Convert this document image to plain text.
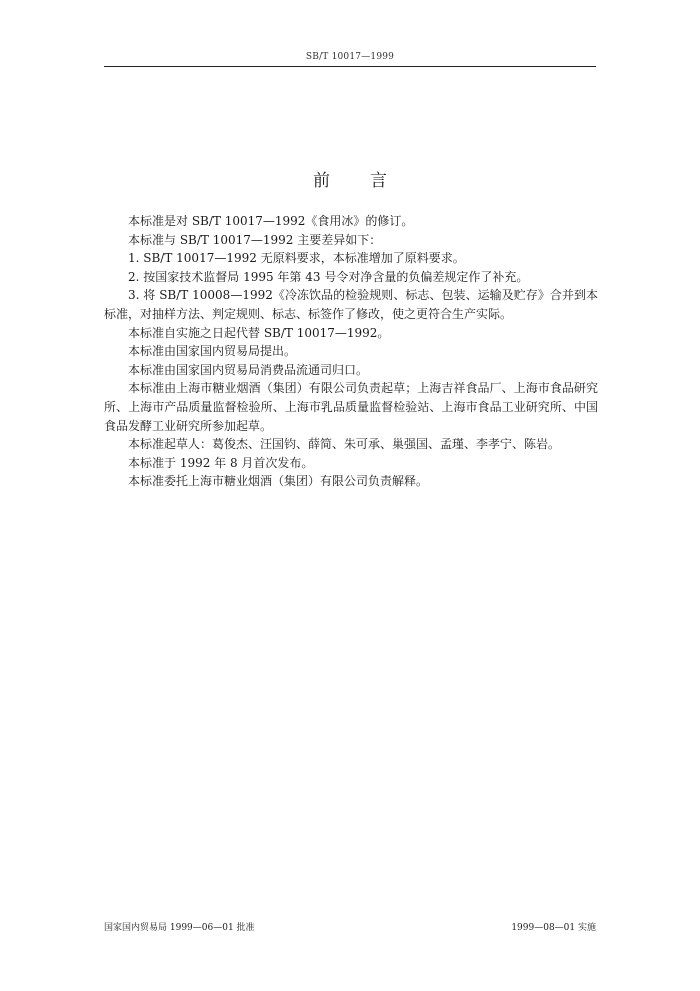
SB/T 10017—1999
前 言

本标准是对 SB/T 10017—1992《食用冰》的修订。

本标准与 SB/T 10017—1992 主要差异如下：

1. SB/T 10017—1992 无原料要求，本标准增加了原料要求。

2. 按国家技术监督局 1995 年第 43 号令对净含量的负偏差规定作了补充。

3. 将 SB/T 10008—1992《冷冻饮品的检验规则、标志、包装、运输及贮存》合并到本标准，对抽样方法、判定规则、标志、标签作了修改，使之更符合生产实际。

本标准自实施之日起代替 SB/T 10017—1992。

本标准由国家国内贸易局提出。

本标准由国家国内贸易局消费品流通司归口。

本标准由上海市糖业烟酒（集团）有限公司负责起草；上海吉祥食品厂、上海市食品研究所、上海市产品质量监督检验所、上海市乳品质量监督检验站、上海市食品工业研究所、中国食品发酵工业研究所参加起草。

本标准起草人：葛俊杰、汪国钧、薛简、朱可承、巢强国、孟瑾、李孝宁、陈岩。

本标准于 1992 年 8 月首次发布。

本标准委托上海市糖业烟酒（集团）有限公司负责解释。

国家国内贸易局 1999—06—01 批准	1999—08—01 实施
